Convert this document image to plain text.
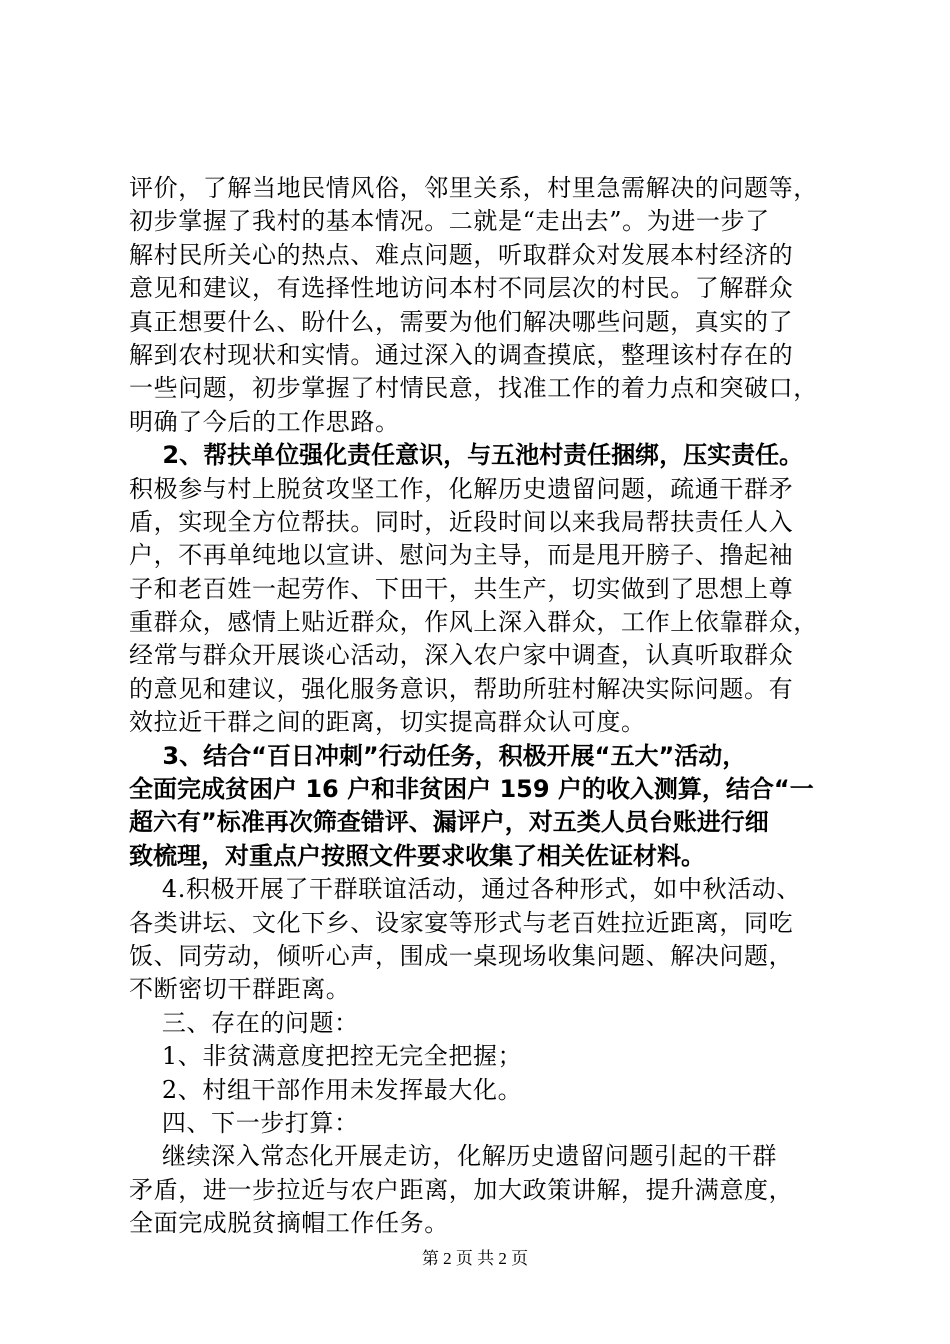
评价，了解当地民情风俗，邻里关系，村里急需解决的问题等，
初步掌握了我村的基本情况。二就是“走出去”。为进一步了
解村民所关心的热点、难点问题，听取群众对发展本村经济的
意见和建议，有选择性地访问本村不同层次的村民。了解群众
真正想要什么、盼什么，需要为他们解决哪些问题，真实的了
解到农村现状和实情。通过深入的调查摸底，整理该村存在的
一些问题，初步掌握了村情民意，找准工作的着力点和突破口，
明确了今后的工作思路。
2、帮扶单位强化责任意识，与五池村责任捆绑，压实责任。
积极参与村上脱贫攻坚工作，化解历史遗留问题，疏通干群矛
盾，实现全方位帮扶。同时，近段时间以来我局帮扶责任人入
户，不再单纯地以宣讲、慰问为主导，而是甩开膀子、撸起袖
子和老百姓一起劳作、下田干，共生产，切实做到了思想上尊
重群众，感情上贴近群众，作风上深入群众，工作上依靠群众，
经常与群众开展谈心活动，深入农户家中调查，认真听取群众
的意见和建议，强化服务意识，帮助所驻村解决实际问题。有
效拉近干群之间的距离，切实提高群众认可度。
3、结合“百日冲刺”行动任务，积极开展“五大”活动，
全面完成贫困户 16 户和非贫困户 159 户的收入测算，结合“一
超六有”标准再次筛查错评、漏评户，对五类人员台账进行细
致梳理，对重点户按照文件要求收集了相关佐证材料。
4.积极开展了干群联谊活动，通过各种形式，如中秋活动、
各类讲坛、文化下乡、设家宴等形式与老百姓拉近距离，同吃
饭、同劳动，倾听心声，围成一桌现场收集问题、解决问题，
不断密切干群距离。
三、存在的问题：
1、非贫满意度把控无完全把握；
2、村组干部作用未发挥最大化。
四、下一步打算：
继续深入常态化开展走访，化解历史遗留问题引起的干群
矛盾，进一步拉近与农户距离，加大政策讲解，提升满意度，
全面完成脱贫摘帽工作任务。
第 2 页 共 2 页
